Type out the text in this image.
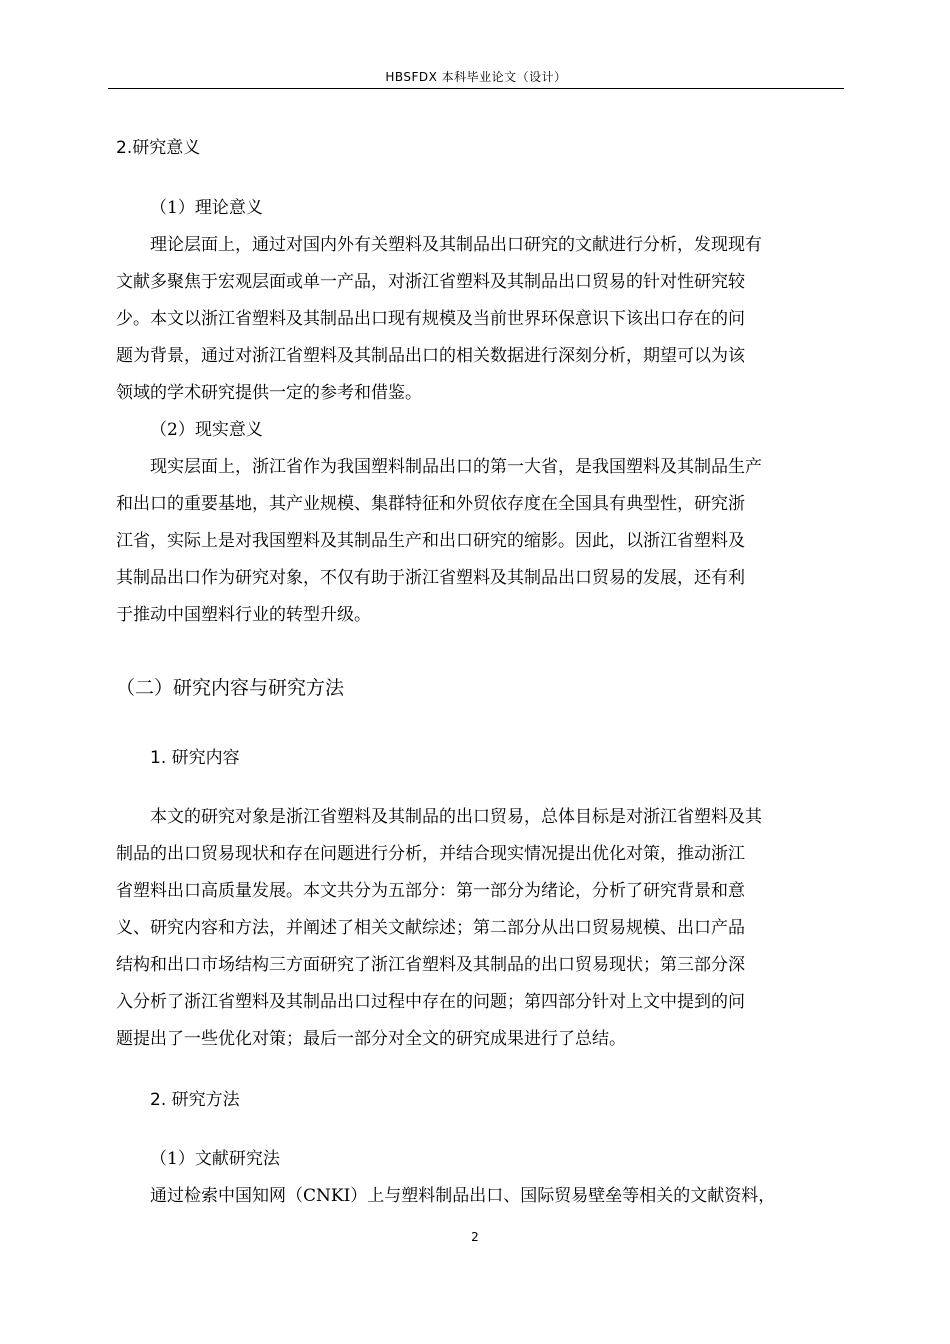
HBSFDX 本科毕业论文（设计）
2.研究意义
（1）理论意义
理论层面上，通过对国内外有关塑料及其制品出口研究的文献进行分析，发现现有
文献多聚焦于宏观层面或单一产品，对浙江省塑料及其制品出口贸易的针对性研究较
少。本文以浙江省塑料及其制品出口现有规模及当前世界环保意识下该出口存在的问
题为背景，通过对浙江省塑料及其制品出口的相关数据进行深刻分析，期望可以为该
领域的学术研究提供一定的参考和借鉴。
（2）现实意义
现实层面上，浙江省作为我国塑料制品出口的第一大省，是我国塑料及其制品生产
和出口的重要基地，其产业规模、集群特征和外贸依存度在全国具有典型性，研究浙
江省，实际上是对我国塑料及其制品生产和出口研究的缩影。因此，以浙江省塑料及
其制品出口作为研究对象，不仅有助于浙江省塑料及其制品出口贸易的发展，还有利
于推动中国塑料行业的转型升级。
（二）研究内容与研究方法
1. 研究内容
本文的研究对象是浙江省塑料及其制品的出口贸易，总体目标是对浙江省塑料及其
制品的出口贸易现状和存在问题进行分析，并结合现实情况提出优化对策，推动浙江
省塑料出口高质量发展。本文共分为五部分：第一部分为绪论，分析了研究背景和意
义、研究内容和方法，并阐述了相关文献综述；第二部分从出口贸易规模、出口产品
结构和出口市场结构三方面研究了浙江省塑料及其制品的出口贸易现状；第三部分深
入分析了浙江省塑料及其制品出口过程中存在的问题；第四部分针对上文中提到的问
题提出了一些优化对策；最后一部分对全文的研究成果进行了总结。
2. 研究方法
（1）文献研究法
通过检索中国知网（CNKI）上与塑料制品出口、国际贸易壁垒等相关的文献资料，
2
